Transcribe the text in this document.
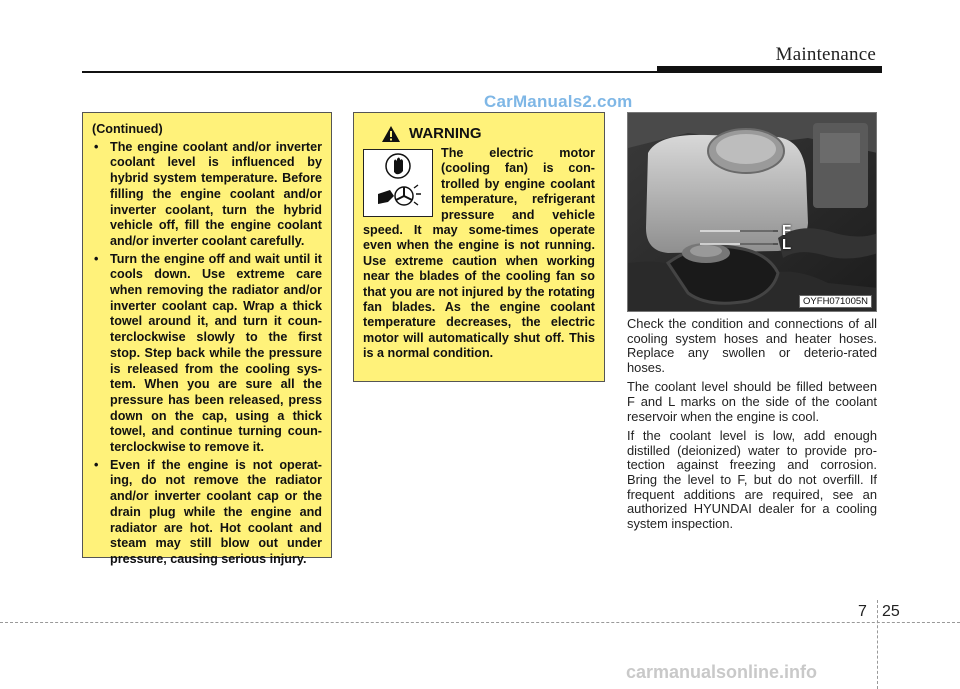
Maintenance
CarManuals2.com
(Continued)
• The engine coolant and/or inverter coolant level is influenced by hybrid system temperature. Before filling the engine coolant and/or inverter coolant, turn the hybrid vehicle off, fill the engine coolant and/or inverter coolant carefully.
• Turn the engine off and wait until it cools down. Use extreme care when removing the radiator and/or inverter coolant cap. Wrap a thick towel around it, and turn it coun-terclockwise slowly to the first stop. Step back while the pressure is released from the cooling sys-tem. When you are sure all the pressure has been released, press down on the cap, using a thick towel, and continue turning coun-terclockwise to remove it.
• Even if the engine is not operat-ing, do not remove the radiator and/or inverter coolant cap or the drain plug while the engine and radiator are hot. Hot coolant and steam may still blow out under pressure, causing serious injury.
WARNING
The electric motor (cooling fan) is con-trolled by engine coolant temperature, refrigerant pressure and vehicle speed. It may some-times operate even when the engine is not running. Use extreme caution when working near the blades of the cooling fan so that you are not injured by the rotating fan blades. As the engine coolant temperature decreases, the electric motor will automatically shut off. This is a normal condition.
F
L
OYFH071005N

Check the condition and connections of all cooling system hoses and heater hoses. Replace any swollen or deterio-rated hoses.

The coolant level should be filled between F and L marks on the side of the coolant reservoir when the engine is cool.

If the coolant level is low, add enough distilled (deionized) water to provide pro-tection against freezing and corrosion. Bring the level to F, but do not overfill. If frequent additions are required, see an authorized HYUNDAI dealer for a cooling system inspection.

7 25
carmanualsonline.info
